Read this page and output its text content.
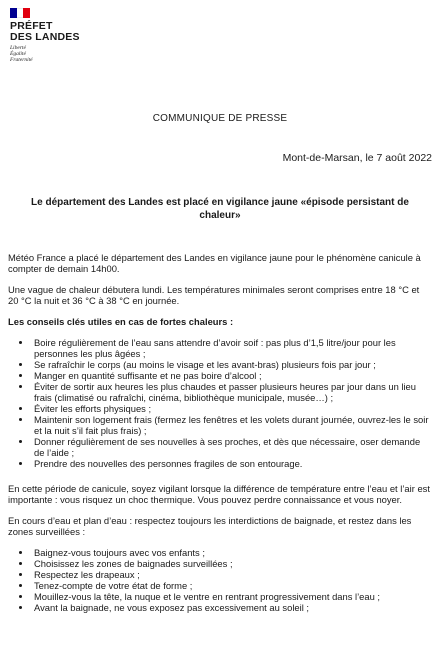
PRÉFET
DES LANDES
Liberté
Égalité
Fraternité
COMMUNIQUE DE PRESSE
Mont-de-Marsan, le 7 août 2022
Le département des Landes est placé en vigilance jaune «épisode persistant de chaleur»

Météo France a placé le département des Landes en vigilance jaune pour le phénomène canicule à compter de demain 14h00.

Une vague de chaleur débutera lundi. Les températures minimales seront comprises entre 18 °C et 20 °C la nuit et 36 °C à 38 °C en journée.

Les conseils clés utiles en cas de fortes chaleurs :

• Boire régulièrement de l’eau sans attendre d’avoir soif : pas plus d’1,5 litre/jour pour les personnes les plus âgées ;
• Se rafraîchir le corps (au moins le visage et les avant-bras) plusieurs fois par jour ;
• Manger en quantité suffisante et ne pas boire d’alcool ;
• Éviter de sortir aux heures les plus chaudes et passer plusieurs heures par jour dans un lieu frais (climatisé ou rafraîchi, cinéma, bibliothèque municipale, musée…) ;
• Éviter les efforts physiques ;
• Maintenir son logement frais (fermez les fenêtres et les volets durant journée, ouvrez-les le soir et la nuit s’il fait plus frais) ;
• Donner régulièrement de ses nouvelles à ses proches, et dès que nécessaire, oser demande de l’aide ;
• Prendre des nouvelles des personnes fragiles de son entourage.

En cette période de canicule, soyez vigilant lorsque la différence de température entre l’eau et l’air est importante : vous risquez un choc thermique. Vous pouvez perdre connaissance et vous noyer.

En cours d’eau et plan d’eau : respectez toujours les interdictions de baignade, et restez dans les zones surveillées :

• Baignez-vous toujours avec vos enfants ;
• Choisissez les zones de baignades surveillées ;
• Respectez les drapeaux ;
• Tenez-compte de votre état de forme ;
• Mouillez-vous la tête, la nuque et le ventre en rentrant progressivement dans l’eau ;
• Avant la baignade, ne vous exposez pas excessivement au soleil ;
